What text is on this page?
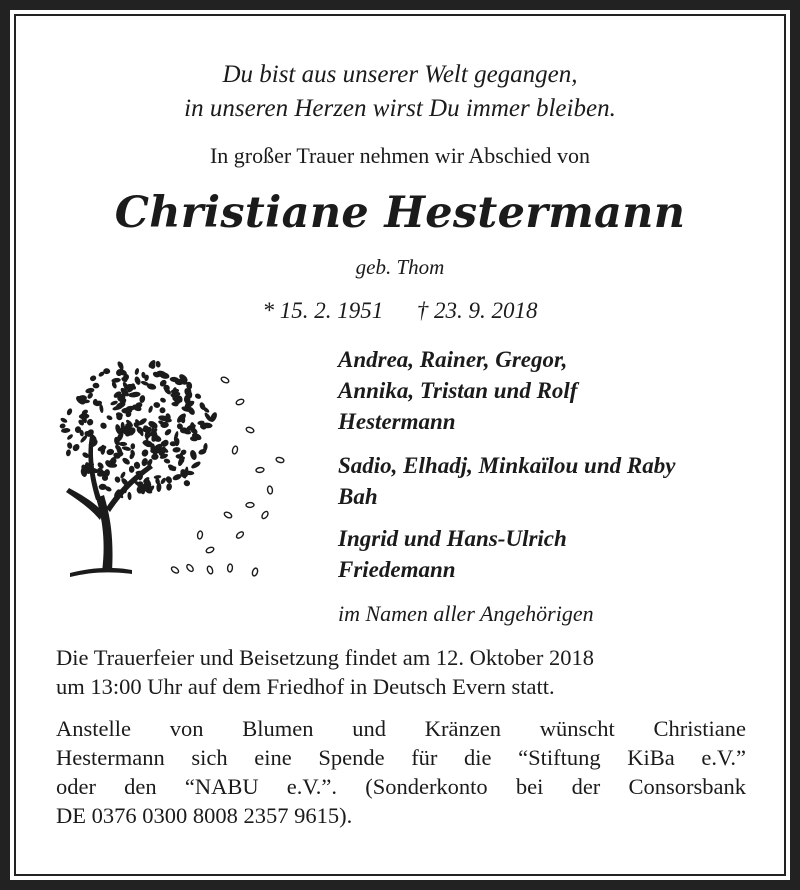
Du bist aus unserer Welt gegangen,
in unseren Herzen wirst Du immer bleiben.
In großer Trauer nehmen wir Abschied von
Christiane Hestermann
geb. Thom
* 15. 2. 1951 † 23. 9. 2018
Andrea, Rainer, Gregor,
Annika, Tristan und Rolf
Hestermann
Sadio, Elhadj, Minkaïlou und Raby
Bah
Ingrid und Hans-Ulrich
Friedemann
im Namen aller Angehörigen
Die Trauerfeier und Beisetzung findet am 12. Oktober 2018
um 13:00 Uhr auf dem Friedhof in Deutsch Evern statt.
Anstelle von Blumen und Kränzen wünscht Christiane
Hestermann sich eine Spende für die “Stiftung KiBa e.V.”
oder den “NABU e.V.”. (Sonderkonto bei der Consorsbank
DE 0376 0300 8008 2357 9615).
